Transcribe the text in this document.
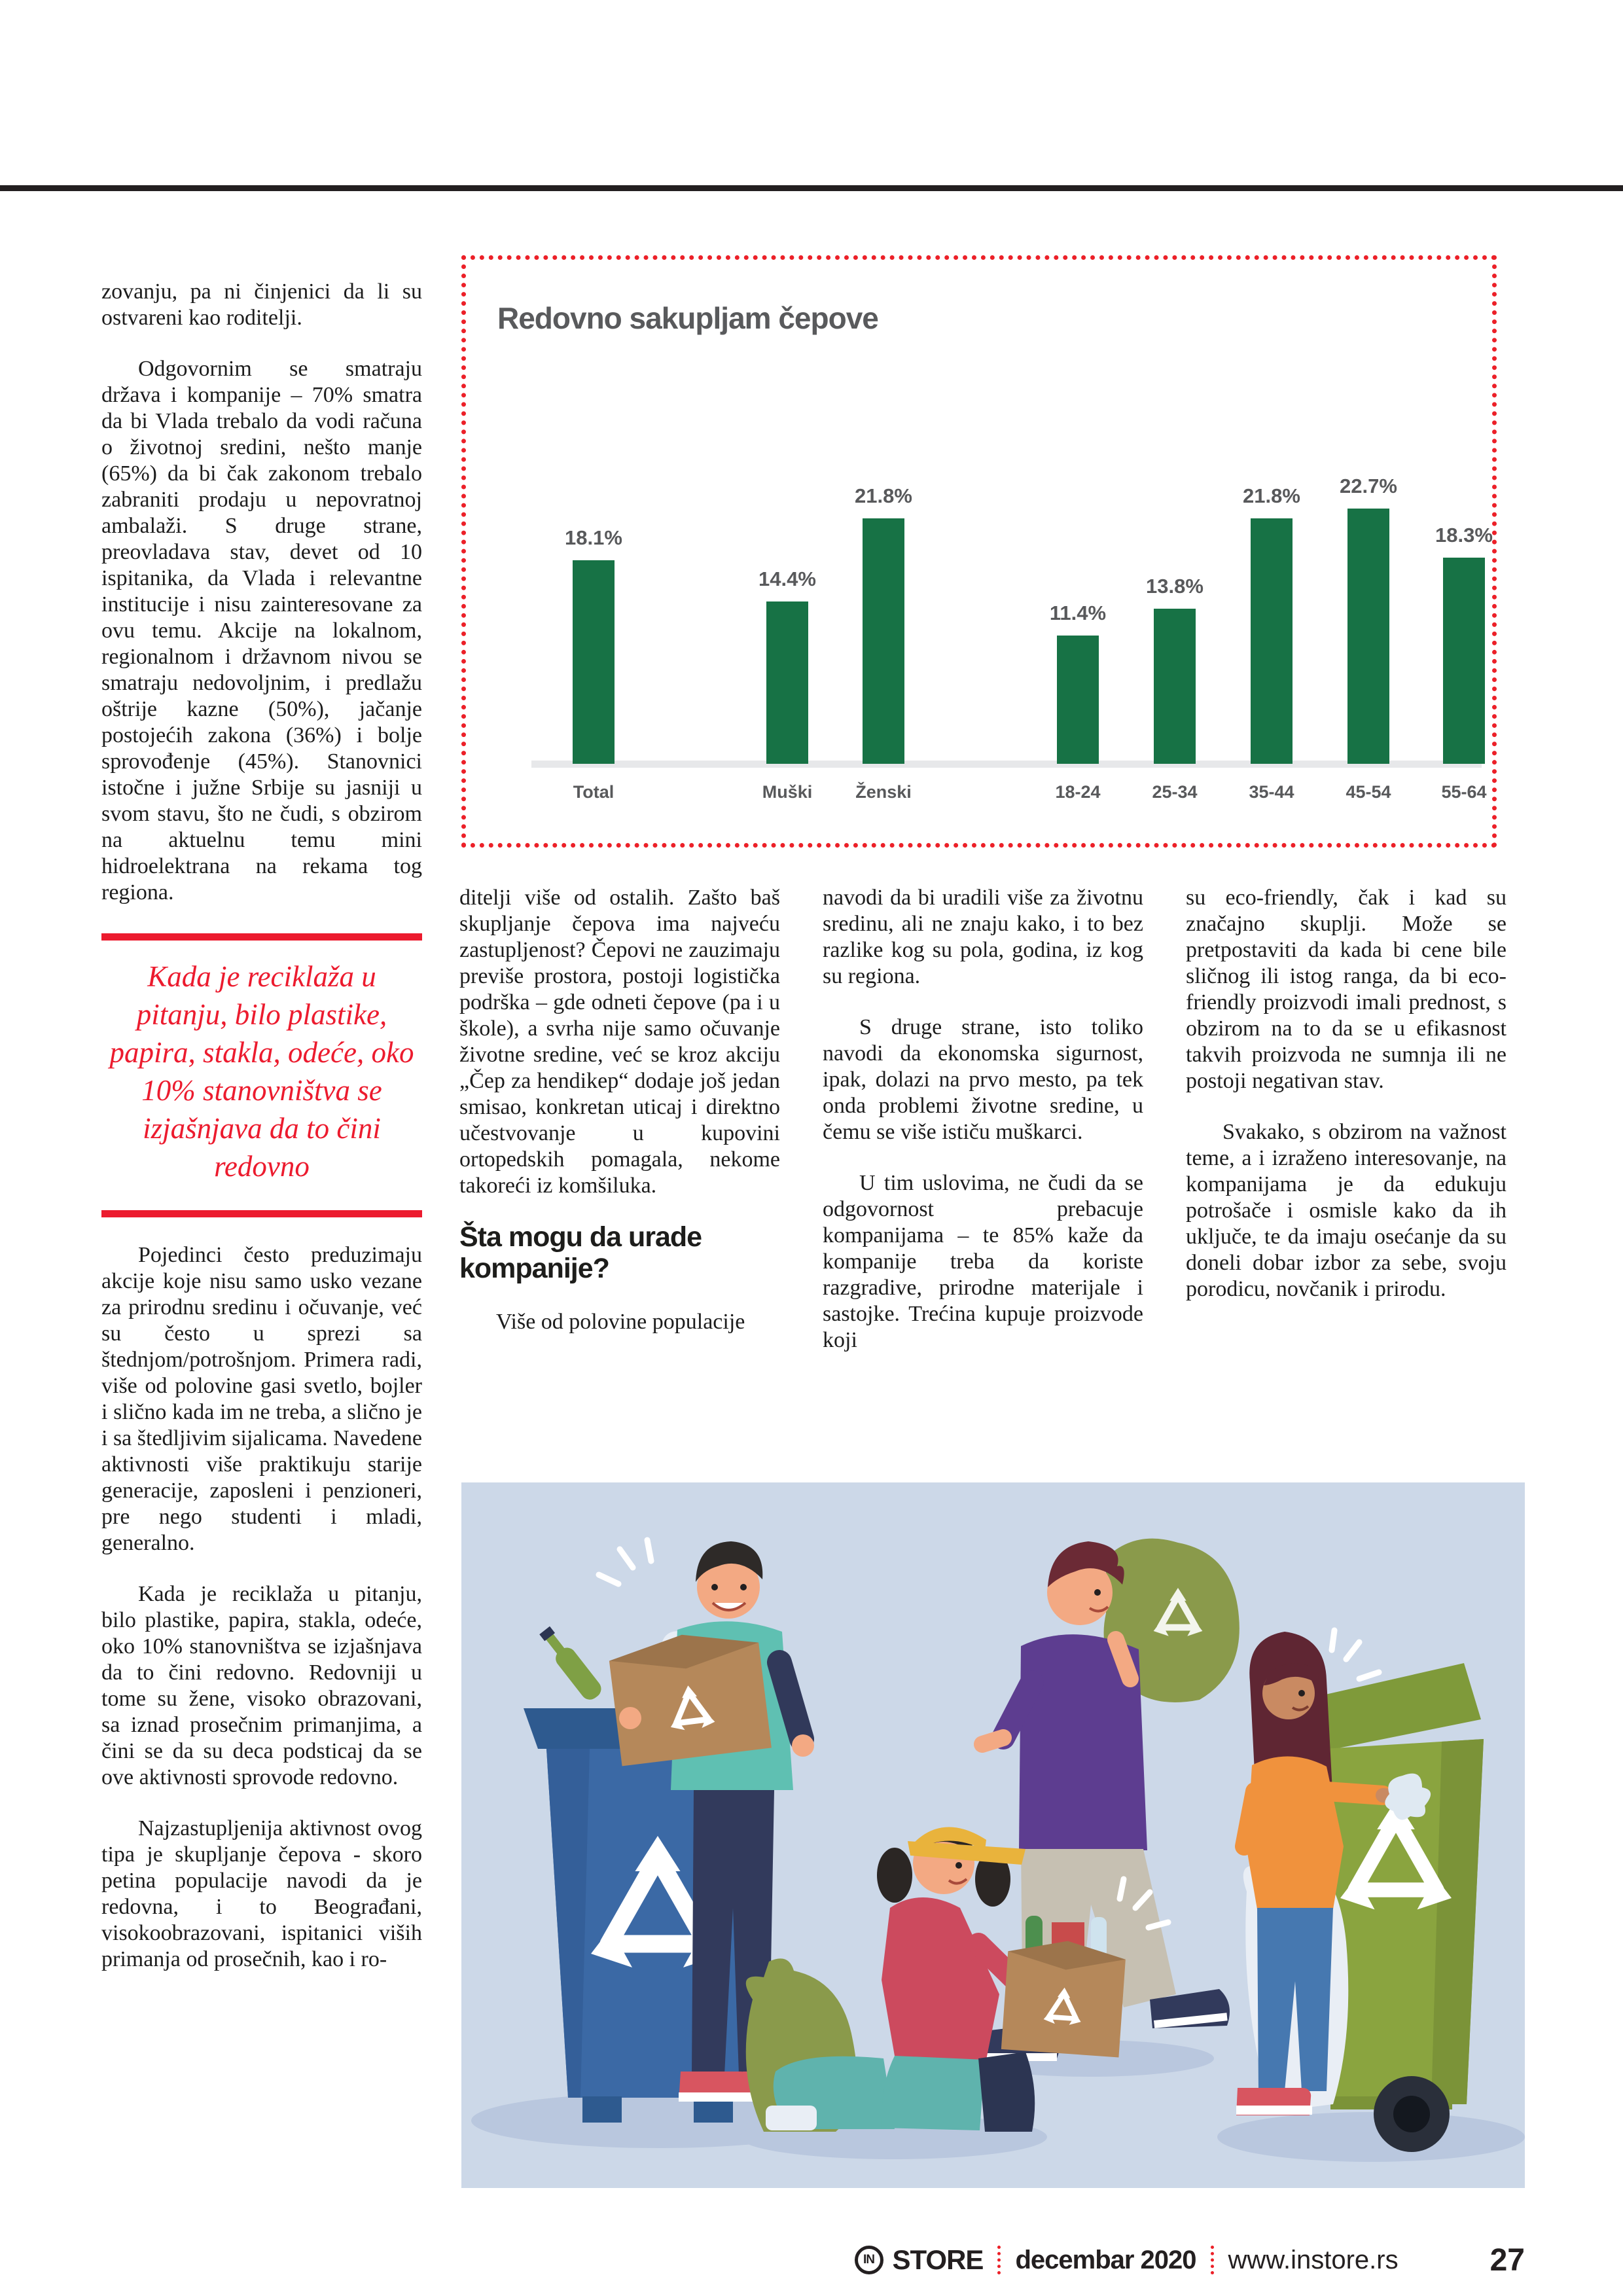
zovanju, pa ni činjenici da li su ostvareni kao roditelji.

Odgovornim se smatraju država i kompanije – 70% smatra da bi Vlada trebalo da vodi računa o životnoj sredini, nešto manje (65%) da bi čak zakonom trebalo zabraniti prodaju u nepovratnoj ambalaži. S druge strane, preovladava stav, devet od 10 ispitanika, da Vlada i relevantne institucije i nisu zainteresovane za ovu temu. Akcije na lokalnom, regionalnom i državnom nivou se smatraju nedovoljnim, i predlažu oštrije kazne (50%), jačanje postojećih zakona (36%) i bolje sprovođenje (45%). Stanovnici istočne i južne Srbije su jasniji u svom stavu, što ne čudi, s obzirom na aktuelnu temu mini hidroelektrana na rekama tog regiona.

Kada je reciklaža u pitanju, bilo plastike, papira, stakla, odeće, oko 10% stanovništva se izjašnjava da to čini redovno

Pojedinci često preduzimaju akcije koje nisu samo usko vezane za prirodnu sredinu i očuvanje, već su često u sprezi sa štednjom/potrošnjom. Primera radi, više od polovine gasi svetlo, bojler i slično kada im ne treba, a slično je i sa štedljivim sijalicama. Navedene aktivnosti više praktikuju starije generacije, zaposleni i penzioneri, pre nego studenti i mladi, generalno.

Kada je reciklaža u pitanju, bilo plastike, papira, stakla, odeće, oko 10% stanovništva se izjašnjava da to čini redovno. Redovniji u tome su žene, visoko obrazovani, sa iznad prosečnim primanjima, a čini se da su deca podsticaj da se ove aktivnosti sprovode redovno.

Najzastupljenija aktivnost ovog tipa je skupljanje čepova - skoro petina populacije navodi da je redovna, i to Beograđani, visokoobrazovani, ispitanici viših primanja od prosečnih, kao i ro-

Redovno sakupljam čepove
18.1%
Total
14.4%
Muški
21.8%
Ženski
11.4%
18-24
13.8%
25-34
21.8%
35-44
22.7%
45-54
18.3%
55-64

ditelji više od ostalih. Zašto baš skupljanje čepova ima najveću zastupljenost? Čepovi ne zauzimaju previše prostora, postoji logistička podrška – gde odneti čepove (pa i u škole), a svrha nije samo očuvanje životne sredine, već se kroz akciju „Čep za hendikep“ dodaje još jedan smisao, konkretan uticaj i direktno učestvovanje u kupovini ortopedskih pomagala, nekome takoreći iz komšiluka.

Šta mogu da urade kompanije?

Više od polovine populacije

navodi da bi uradili više za životnu sredinu, ali ne znaju kako, i to bez razlike kog su pola, godina, iz kog su regiona.

S druge strane, isto toliko navodi da ekonomska sigurnost, ipak, dolazi na prvo mesto, pa tek onda problemi životne sredine, u čemu se više ističu muškarci.

U tim uslovima, ne čudi da se odgovornost prebacuje kompanijama – te 85% kaže da kompanije treba da koriste razgradive, prirodne materijale i sastojke. Trećina kupuje proizvode koji

su eco-friendly, čak i kad su značajno skuplji. Može se pretpostaviti da kada bi cene bile sličnog ili istog ranga, da bi eco-friendly proizvodi imali prednost, s obzirom na to da se u efikasnost takvih proizvoda ne sumnja ili ne postoji negativan stav.

Svakako, s obzirom na važnost teme, a i izraženo interesovanje, na kompanijama je da edukuju potrošače i osmisle kako da ih uključe, te da imaju osećanje da su doneli dobar izbor za sebe, svoju porodicu, novčanik i prirodu.

IN STORE decembar 2020 www.instore.rs	27
